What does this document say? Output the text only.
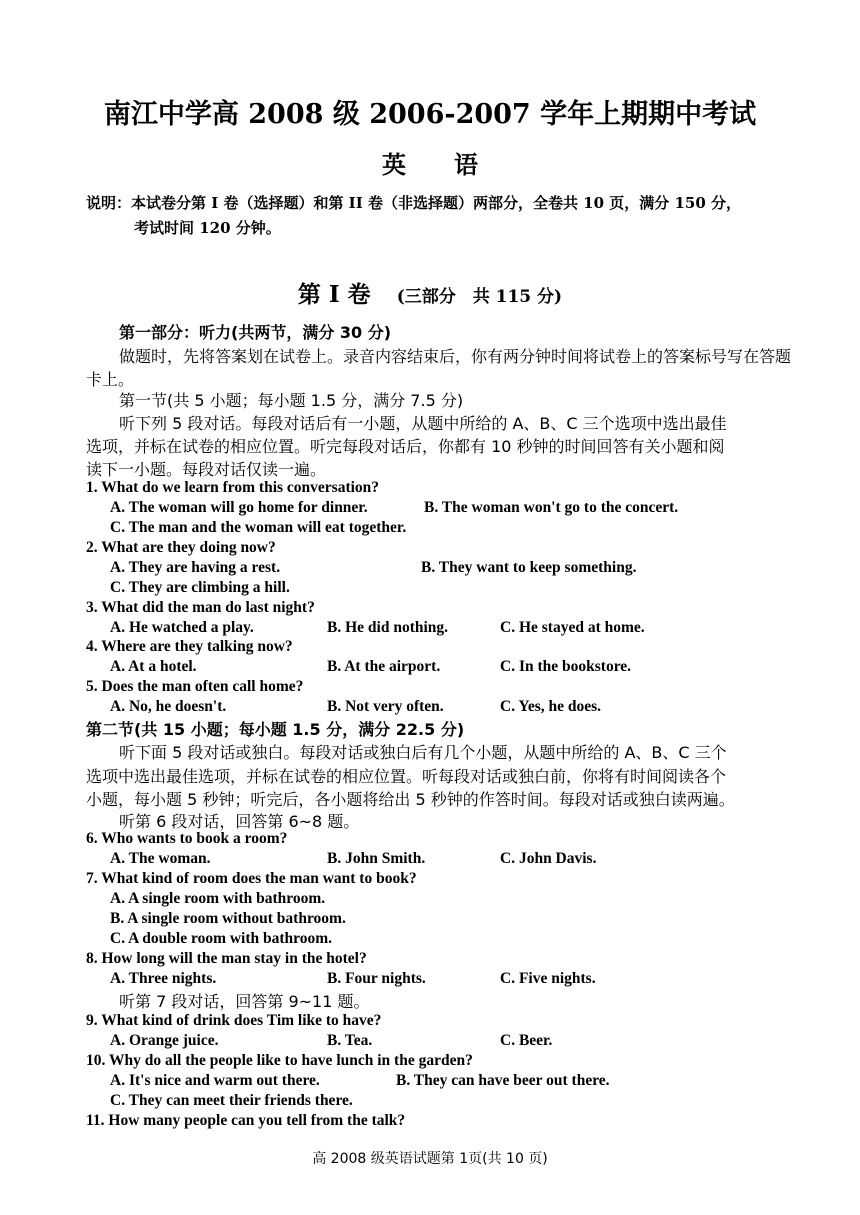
南江中学高 2008 级 2006-2007 学年上期期中考试
英　　语
说明：本试卷分第 I 卷（选择题）和第 II 卷（非选择题）两部分，全卷共 10 页，满分 150 分，
考试时间 120 分钟。
第 Ⅰ 卷 (三部分　共 115 分)
第一部分：听力(共两节，满分 30 分)
做题时，先将答案划在试卷上。录音内容结束后，你有两分钟时间将试卷上的答案标号写在答题
卡上。
第一节(共 5 小题；每小题 1.5 分，满分 7.5 分)
听下列 5 段对话。每段对话后有一小题，从题中所给的 A、B、C 三个选项中选出最佳
选项，并标在试卷的相应位置。听完每段对话后，你都有 10 秒钟的时间回答有关小题和阅
读下一小题。每段对话仅读一遍。
1. What do we learn from this conversation?
A. The woman will go home for dinner.	B. The woman won't go to the concert.
C. The man and the woman will eat together.
2. What are they doing now?
A. They are having a rest.	B. They want to keep something.
C. They are climbing a hill.
3. What did the man do last night?
A. He watched a play.	B. He did nothing.	C. He stayed at home.
4. Where are they talking now?
A. At a hotel.	B. At the airport.	C. In the bookstore.
5. Does the man often call home?
A. No, he doesn't.	B. Not very often.	C. Yes, he does.
第二节(共 15 小题；每小题 1.5 分，满分 22.5 分)
听下面 5 段对话或独白。每段对话或独白后有几个小题，从题中所给的 A、B、C 三个
选项中选出最佳选项，并标在试卷的相应位置。听每段对话或独白前，你将有时间阅读各个
小题，每小题 5 秒钟；听完后，各小题将给出 5 秒钟的作答时间。每段对话或独白读两遍。
听第 6 段对话，回答第 6~8 题。
6. Who wants to book a room?
A. The woman.	B. John Smith.	C. John Davis.
7. What kind of room does the man want to book?
A. A single room with bathroom.
B. A single room without bathroom.
C. A double room with bathroom.
8. How long will the man stay in the hotel?
A. Three nights.	B. Four nights.	C. Five nights.
听第 7 段对话，回答第 9~11 题。
9. What kind of drink does Tim like to have?
A. Orange juice.	B. Tea.	C. Beer.
10. Why do all the people like to have lunch in the garden?
A. It's nice and warm out there.	B. They can have beer out there.
C. They can meet their friends there.
11. How many people can you tell from the talk?
高 2008 级英语试题第 1页(共 10 页)
